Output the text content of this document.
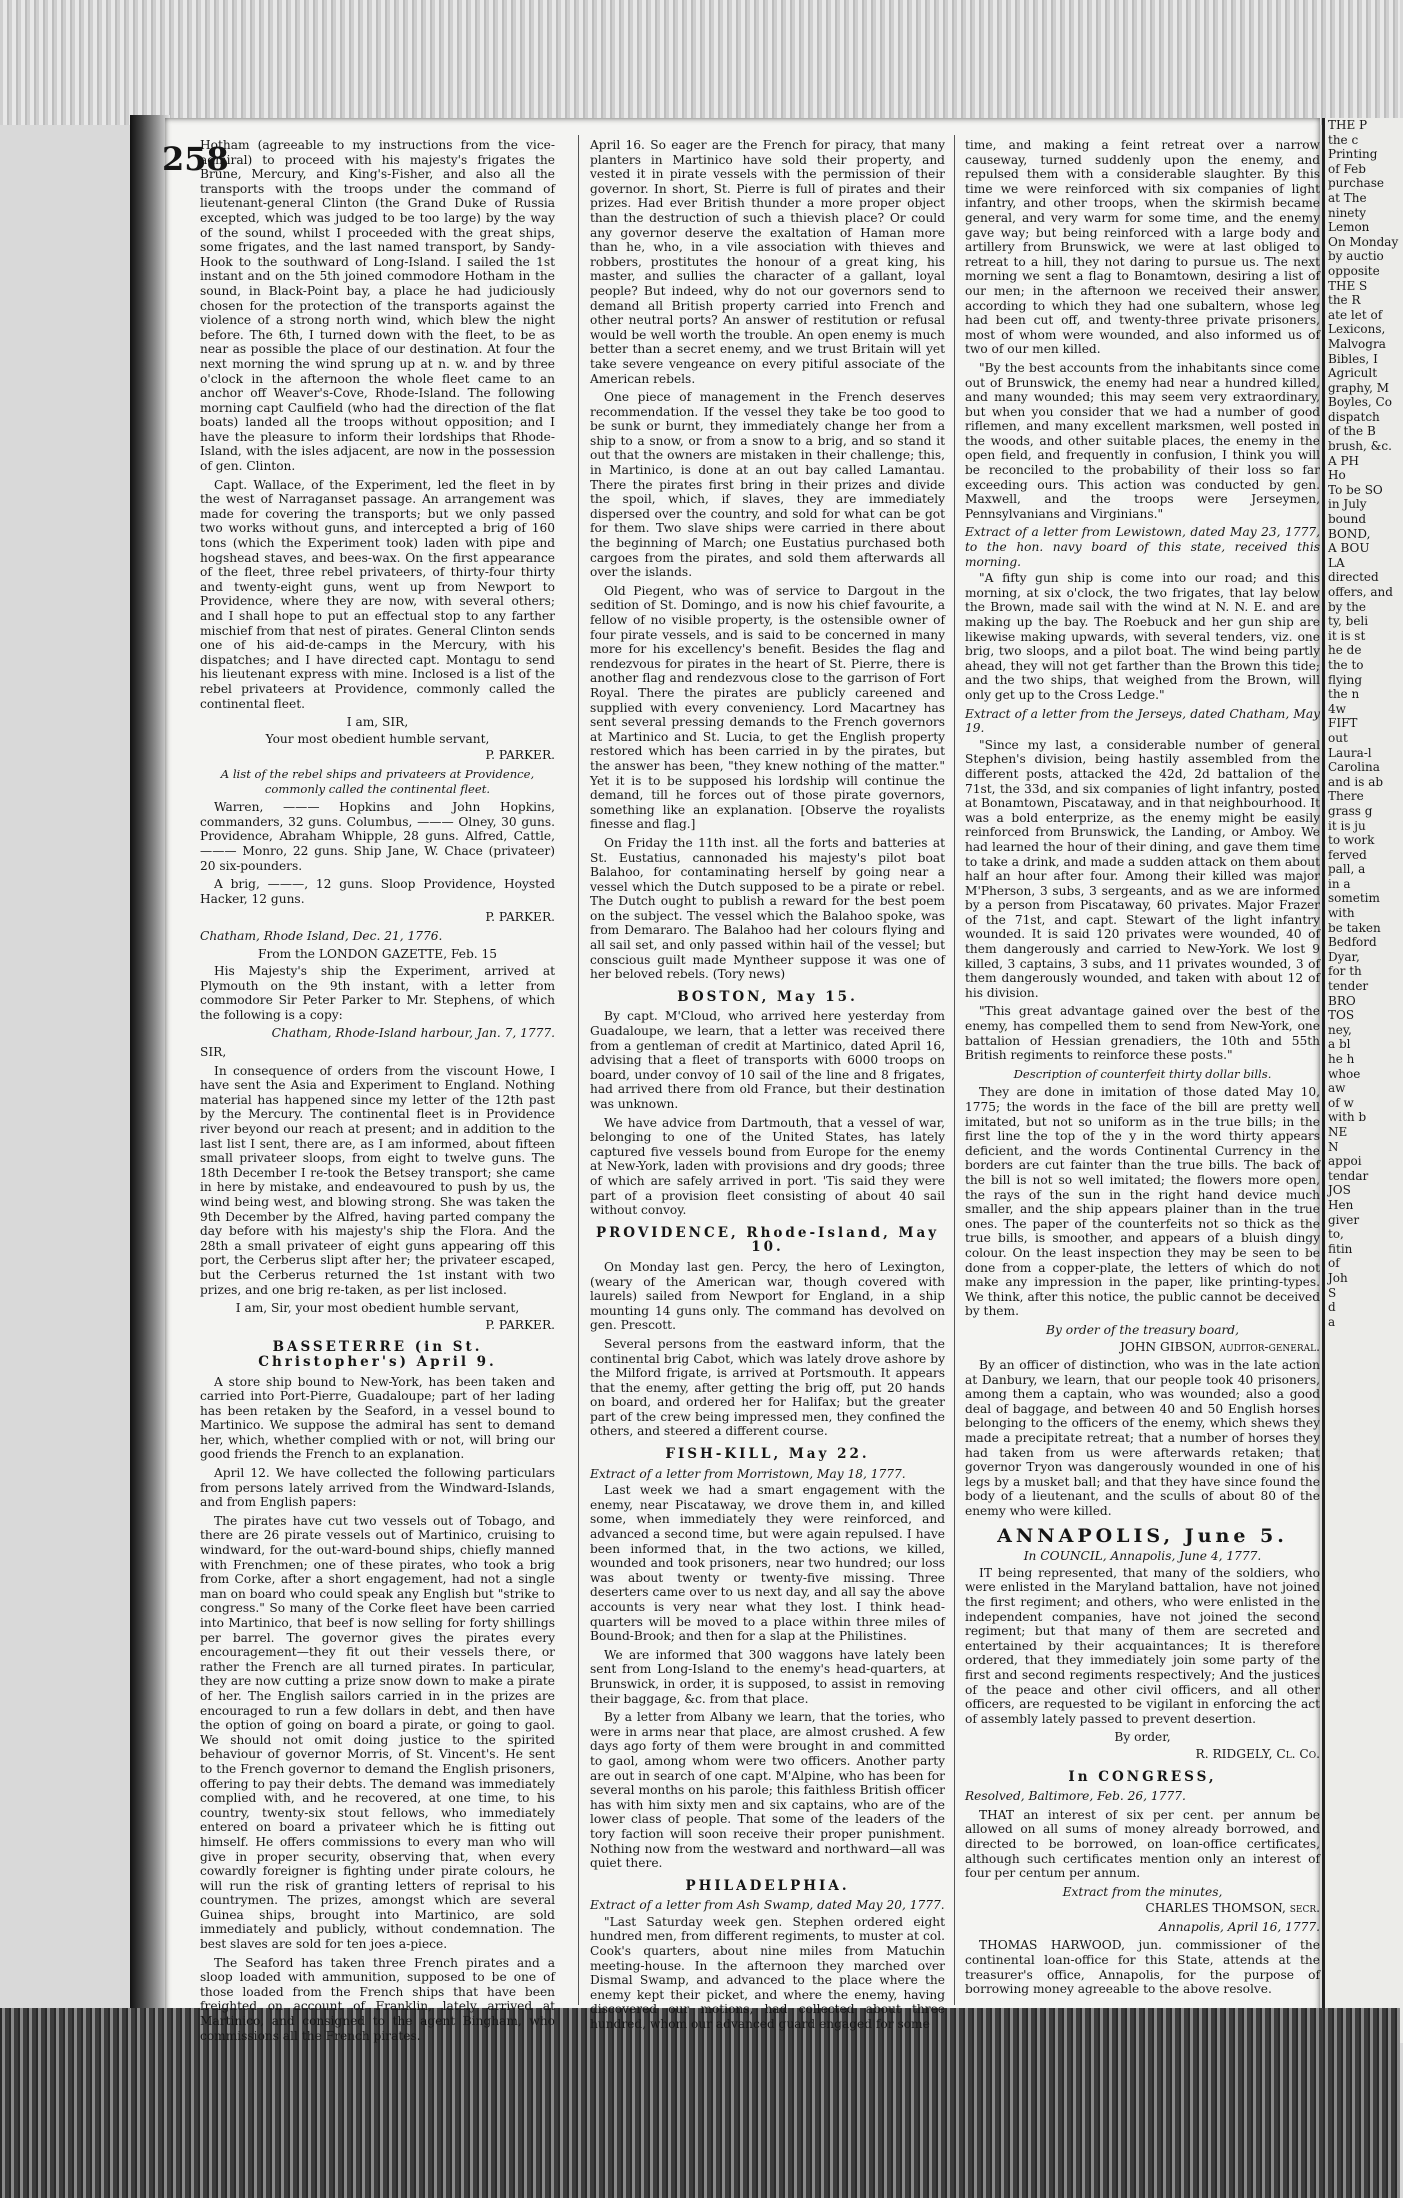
THE P
the c
Printing
of Feb
purchase
at The
ninety
Lemon
On Monday
by auctio
opposite
THE S
the R
ate let of
Lexicons,
Malvogra
Bibles, I
Agricult
graphy, M
Boyles, Co
dispatch
of the B
brush, &c.
A PH
Ho
To be SO
in July
bound
BOND,
A BOU
LA
directed
offers, and
by the
ty, beli
it is st
he de
the to
flying
the n
4w
FIFT
out
Laura-l
Carolina
and is ab
There
grass g
it is ju
to work
ferved
pall, a
in a
sometim
with
be taken
Bedford
Dyar,
for th
tender
BRO
TOS
ney,
a bl
he h
whoe
aw
of w
with b
NE
N
appoi
tendar
JOS
Hen
giver
to,
fitin
of
Joh
S
d
a
258

Hotham (agreeable to my instructions from the vice-admiral) to proceed with his majesty's frigates the Brune, Mercury, and King's-Fisher, and also all the transports with the troops under the command of lieutenant-general Clinton (the Grand Duke of Russia excepted, which was judged to be too large) by the way of the sound, whilst I proceeded with the great ships, some frigates, and the last named transport, by Sandy-Hook to the southward of Long-Island. I sailed the 1st instant and on the 5th joined commodore Hotham in the sound, in Black-Point bay, a place he had judiciously chosen for the protection of the transports against the violence of a strong north wind, which blew the night before. The 6th, I turned down with the fleet, to be as near as possible the place of our destination. At four the next morning the wind sprung up at n. w. and by three o'clock in the afternoon the whole fleet came to an anchor off Weaver's-Cove, Rhode-Island. The following morning capt Caulfield (who had the direction of the flat boats) landed all the troops without opposition; and I have the pleasure to inform their lordships that Rhode-Island, with the isles adjacent, are now in the possession of gen. Clinton.

Capt. Wallace, of the Experiment, led the fleet in by the west of Narraganset passage. An arrangement was made for covering the transports; but we only passed two works without guns, and intercepted a brig of 160 tons (which the Experiment took) laden with pipe and hogshead staves, and bees-wax. On the first appearance of the fleet, three rebel privateers, of thirty-four thirty and twenty-eight guns, went up from Newport to Providence, where they are now, with several others; and I shall hope to put an effectual stop to any farther mischief from that nest of pirates. General Clinton sends one of his aid-de-camps in the Mercury, with his dispatches; and I have directed capt. Montagu to send his lieutenant express with mine. Inclosed is a list of the rebel privateers at Providence, commonly called the continental fleet.

I am, SIR,

Your most obedient humble servant,

P. PARKER.

A list of the rebel ships and privateers at Providence, commonly called the continental fleet.

Warren, ——— Hopkins and John Hopkins, commanders, 32 guns. Columbus, ——— Olney, 30 guns. Providence, Abraham Whipple, 28 guns. Alfred, Cattle, ——— Monro, 22 guns. Ship Jane, W. Chace (privateer) 20 six-pounders.

A brig, ———, 12 guns. Sloop Providence, Hoysted Hacker, 12 guns.

P. PARKER.

Chatham, Rhode Island, Dec. 21, 1776.

From the LONDON GAZETTE, Feb. 15

His Majesty's ship the Experiment, arrived at Plymouth on the 9th instant, with a letter from commodore Sir Peter Parker to Mr. Stephens, of which the following is a copy:

Chatham, Rhode-Island harbour, Jan. 7, 1777.

SIR,

In consequence of orders from the viscount Howe, I have sent the Asia and Experiment to England. Nothing material has happened since my letter of the 12th past by the Mercury. The continental fleet is in Providence river beyond our reach at present; and in addition to the last list I sent, there are, as I am informed, about fifteen small privateer sloops, from eight to twelve guns. The 18th December I re-took the Betsey transport; she came in here by mistake, and endeavoured to push by us, the wind being west, and blowing strong. She was taken the 9th December by the Alfred, having parted company the day before with his majesty's ship the Flora. And the 28th a small privateer of eight guns appearing off this port, the Cerberus slipt after her; the privateer escaped, but the Cerberus returned the 1st instant with two prizes, and one brig re-taken, as per list inclosed.

I am, Sir, your most obedient humble servant,

P. PARKER.

BASSETERRE (in St. Christopher's) April 9.

A store ship bound to New-York, has been taken and carried into Port-Pierre, Guadaloupe; part of her lading has been retaken by the Seaford, in a vessel bound to Martinico. We suppose the admiral has sent to demand her, which, whether complied with or not, will bring our good friends the French to an explanation.

April 12. We have collected the following particulars from persons lately arrived from the Windward-Islands, and from English papers:

The pirates have cut two vessels out of Tobago, and there are 26 pirate vessels out of Martinico, cruising to windward, for the out-ward-bound ships, chiefly manned with Frenchmen; one of these pirates, who took a brig from Corke, after a short engagement, had not a single man on board who could speak any English but "strike to congress." So many of the Corke fleet have been carried into Martinico, that beef is now selling for forty shillings per barrel. The governor gives the pirates every encouragement—they fit out their vessels there, or rather the French are all turned pirates. In particular, they are now cutting a prize snow down to make a pirate of her. The English sailors carried in in the prizes are encouraged to run a few dollars in debt, and then have the option of going on board a pirate, or going to gaol. We should not omit doing justice to the spirited behaviour of governor Morris, of St. Vincent's. He sent to the French governor to demand the English prisoners, offering to pay their debts. The demand was immediately complied with, and he recovered, at one time, to his country, twenty-six stout fellows, who immediately entered on board a privateer which he is fitting out himself. He offers commissions to every man who will give in proper security, observing that, when every cowardly foreigner is fighting under pirate colours, he will run the risk of granting letters of reprisal to his countrymen. The prizes, amongst which are several Guinea ships, brought into Martinico, are sold immediately and publicly, without condemnation. The best slaves are sold for ten joes a-piece.

The Seaford has taken three French pirates and a sloop loaded with ammunition, supposed to be one of those loaded from the French ships that have been freighted on account of Franklin, lately arrived at Martinico, and consigned to the agent Bingham, who commissions all the French pirates.

April 16. So eager are the French for piracy, that many planters in Martinico have sold their property, and vested it in pirate vessels with the permission of their governor. In short, St. Pierre is full of pirates and their prizes. Had ever British thunder a more proper object than the destruction of such a thievish place? Or could any governor deserve the exaltation of Haman more than he, who, in a vile association with thieves and robbers, prostitutes the honour of a great king, his master, and sullies the character of a gallant, loyal people? But indeed, why do not our governors send to demand all British property carried into French and other neutral ports? An answer of restitution or refusal would be well worth the trouble. An open enemy is much better than a secret enemy, and we trust Britain will yet take severe vengeance on every pitiful associate of the American rebels.

One piece of management in the French deserves recommendation. If the vessel they take be too good to be sunk or burnt, they immediately change her from a ship to a snow, or from a snow to a brig, and so stand it out that the owners are mistaken in their challenge; this, in Martinico, is done at an out bay called Lamantau. There the pirates first bring in their prizes and divide the spoil, which, if slaves, they are immediately dispersed over the country, and sold for what can be got for them. Two slave ships were carried in there about the beginning of March; one Eustatius purchased both cargoes from the pirates, and sold them afterwards all over the islands.

Old Piegent, who was of service to Dargout in the sedition of St. Domingo, and is now his chief favourite, a fellow of no visible property, is the ostensible owner of four pirate vessels, and is said to be concerned in many more for his excellency's benefit. Besides the flag and rendezvous for pirates in the heart of St. Pierre, there is another flag and rendezvous close to the garrison of Fort Royal. There the pirates are publicly careened and supplied with every conveniency. Lord Macartney has sent several pressing demands to the French governors at Martinico and St. Lucia, to get the English property restored which has been carried in by the pirates, but the answer has been, "they knew nothing of the matter." Yet it is to be supposed his lordship will continue the demand, till he forces out of those pirate governors, something like an explanation. [Observe the royalists finesse and flag.]

On Friday the 11th inst. all the forts and batteries at St. Eustatius, cannonaded his majesty's pilot boat Balahoo, for contaminating herself by going near a vessel which the Dutch supposed to be a pirate or rebel. The Dutch ought to publish a reward for the best poem on the subject. The vessel which the Balahoo spoke, was from Demararo. The Balahoo had her colours flying and all sail set, and only passed within hail of the vessel; but conscious guilt made Myntheer suppose it was one of her beloved rebels. (Tory news)

BOSTON, May 15.

By capt. M'Cloud, who arrived here yesterday from Guadaloupe, we learn, that a letter was received there from a gentleman of credit at Martinico, dated April 16, advising that a fleet of transports with 6000 troops on board, under convoy of 10 sail of the line and 8 frigates, had arrived there from old France, but their destination was unknown.

We have advice from Dartmouth, that a vessel of war, belonging to one of the United States, has lately captured five vessels bound from Europe for the enemy at New-York, laden with provisions and dry goods; three of which are safely arrived in port. 'Tis said they were part of a provision fleet consisting of about 40 sail without convoy.

PROVIDENCE, Rhode-Island, May 10.

On Monday last gen. Percy, the hero of Lexington, (weary of the American war, though covered with laurels) sailed from Newport for England, in a ship mounting 14 guns only. The command has devolved on gen. Prescott.

Several persons from the eastward inform, that the continental brig Cabot, which was lately drove ashore by the Milford frigate, is arrived at Portsmouth. It appears that the enemy, after getting the brig off, put 20 hands on board, and ordered her for Halifax; but the greater part of the crew being impressed men, they confined the others, and steered a different course.

FISH-KILL, May 22.

Extract of a letter from Morristown, May 18, 1777.

Last week we had a smart engagement with the enemy, near Piscataway, we drove them in, and killed some, when immediately they were reinforced, and advanced a second time, but were again repulsed. I have been informed that, in the two actions, we killed, wounded and took prisoners, near two hundred; our loss was about twenty or twenty-five missing. Three deserters came over to us next day, and all say the above accounts is very near what they lost. I think head-quarters will be moved to a place within three miles of Bound-Brook; and then for a slap at the Philistines.

We are informed that 300 waggons have lately been sent from Long-Island to the enemy's head-quarters, at Brunswick, in order, it is supposed, to assist in removing their baggage, &c. from that place.

By a letter from Albany we learn, that the tories, who were in arms near that place, are almost crushed. A few days ago forty of them were brought in and committed to gaol, among whom were two officers. Another party are out in search of one capt. M'Alpine, who has been for several months on his parole; this faithless British officer has with him sixty men and six captains, who are of the lower class of people. That some of the leaders of the tory faction will soon receive their proper punishment. Nothing now from the westward and northward—all was quiet there.

PHILADELPHIA.

Extract of a letter from Ash Swamp, dated May 20, 1777.

"Last Saturday week gen. Stephen ordered eight hundred men, from different regiments, to muster at col. Cook's quarters, about nine miles from Matuchin meeting-house. In the afternoon they marched over Dismal Swamp, and advanced to the place where the enemy kept their picket, and where the enemy, having discovered our motions, had collected about three hundred, whom our advanced guard engaged for some

time, and making a feint retreat over a narrow causeway, turned suddenly upon the enemy, and repulsed them with a considerable slaughter. By this time we were reinforced with six companies of light infantry, and other troops, when the skirmish became general, and very warm for some time, and the enemy gave way; but being reinforced with a large body and artillery from Brunswick, we were at last obliged to retreat to a hill, they not daring to pursue us. The next morning we sent a flag to Bonamtown, desiring a list of our men; in the afternoon we received their answer, according to which they had one subaltern, whose leg had been cut off, and twenty-three private prisoners, most of whom were wounded, and also informed us of two of our men killed.

"By the best accounts from the inhabitants since come out of Brunswick, the enemy had near a hundred killed, and many wounded; this may seem very extraordinary, but when you consider that we had a number of good riflemen, and many excellent marksmen, well posted in the woods, and other suitable places, the enemy in the open field, and frequently in confusion, I think you will be reconciled to the probability of their loss so far exceeding ours. This action was conducted by gen. Maxwell, and the troops were Jerseymen, Pennsylvanians and Virginians."

Extract of a letter from Lewistown, dated May 23, 1777, to the hon. navy board of this state, received this morning.

"A fifty gun ship is come into our road; and this morning, at six o'clock, the two frigates, that lay below the Brown, made sail with the wind at N. N. E. and are making up the bay. The Roebuck and her gun ship are likewise making upwards, with several tenders, viz. one brig, two sloops, and a pilot boat. The wind being partly ahead, they will not get farther than the Brown this tide; and the two ships, that weighed from the Brown, will only get up to the Cross Ledge."

Extract of a letter from the Jerseys, dated Chatham, May 19.

"Since my last, a considerable number of general Stephen's division, being hastily assembled from the different posts, attacked the 42d, 2d battalion of the 71st, the 33d, and six companies of light infantry, posted at Bonamtown, Piscataway, and in that neighbourhood. It was a bold enterprize, as the enemy might be easily reinforced from Brunswick, the Landing, or Amboy. We had learned the hour of their dining, and gave them time to take a drink, and made a sudden attack on them about half an hour after four. Among their killed was major M'Pherson, 3 subs, 3 sergeants, and as we are informed by a person from Piscataway, 60 privates. Major Frazer of the 71st, and capt. Stewart of the light infantry wounded. It is said 120 privates were wounded, 40 of them dangerously and carried to New-York. We lost 9 killed, 3 captains, 3 subs, and 11 privates wounded, 3 of them dangerously wounded, and taken with about 12 of his division.

"This great advantage gained over the best of the enemy, has compelled them to send from New-York, one battalion of Hessian grenadiers, the 10th and 55th British regiments to reinforce these posts."

Description of counterfeit thirty dollar bills.

They are done in imitation of those dated May 10, 1775; the words in the face of the bill are pretty well imitated, but not so uniform as in the true bills; in the first line the top of the y in the word thirty appears deficient, and the words Continental Currency in the borders are cut fainter than the true bills. The back of the bill is not so well imitated; the flowers more open, the rays of the sun in the right hand device much smaller, and the ship appears plainer than in the true ones. The paper of the counterfeits not so thick as the true bills, is smoother, and appears of a bluish dingy colour. On the least inspection they may be seen to be done from a copper-plate, the letters of which do not make any impression in the paper, like printing-types. We think, after this notice, the public cannot be deceived by them.

By order of the treasury board,

JOHN GIBSON, auditor-general.

By an officer of distinction, who was in the late action at Danbury, we learn, that our people took 40 prisoners, among them a captain, who was wounded; also a good deal of baggage, and between 40 and 50 English horses belonging to the officers of the enemy, which shews they made a precipitate retreat; that a number of horses they had taken from us were afterwards retaken; that governor Tryon was dangerously wounded in one of his legs by a musket ball; and that they have since found the body of a lieutenant, and the sculls of about 80 of the enemy who were killed.

ANNAPOLIS, June 5.

In COUNCIL, Annapolis, June 4, 1777.

IT being represented, that many of the soldiers, who were enlisted in the Maryland battalion, have not joined the first regiment; and others, who were enlisted in the independent companies, have not joined the second regiment; but that many of them are secreted and entertained by their acquaintances; It is therefore ordered, that they immediately join some party of the first and second regiments respectively; And the justices of the peace and other civil officers, and all other officers, are requested to be vigilant in enforcing the act of assembly lately passed to prevent desertion.

By order,

R. RIDGELY, Cl. Co.

In CONGRESS,

Resolved, Baltimore, Feb. 26, 1777.

THAT an interest of six per cent. per annum be allowed on all sums of money already borrowed, and directed to be borrowed, on loan-office certificates, although such certificates mention only an interest of four per centum per annum.

Extract from the minutes,

CHARLES THOMSON, secr.

Annapolis, April 16, 1777.

THOMAS HARWOOD, jun. commissioner of the continental loan-office for this State, attends at the treasurer's office, Annapolis, for the purpose of borrowing money agreeable to the above resolve.
